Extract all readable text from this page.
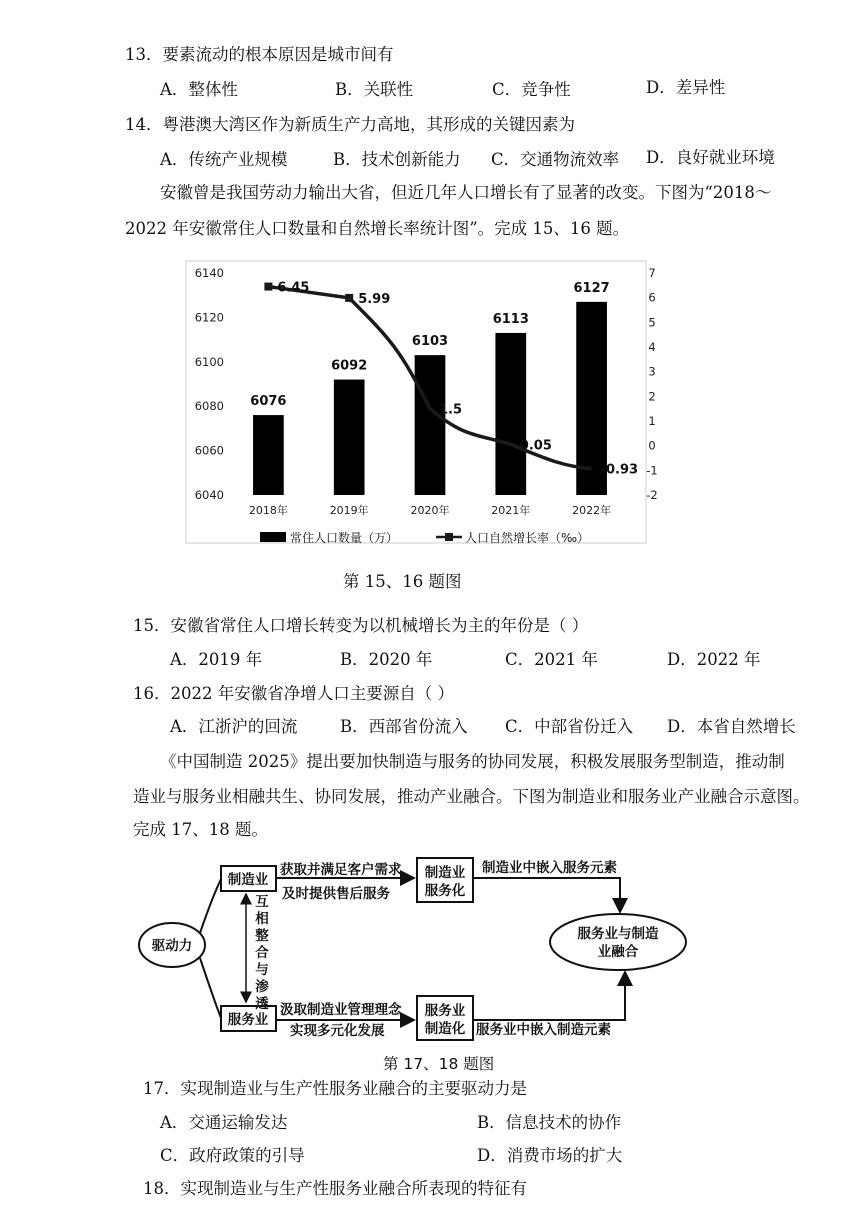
13．要素流动的根本原因是城市间有
A．整体性	B．关联性	C．竞争性	D．差异性
14．粤港澳大湾区作为新质生产力高地，其形成的关键因素为
A．传统产业规模	B．技术创新能力 C．交通物流效率 D．良好就业环境
安徽曾是我国劳动力输出大省，但近几年人口增长有了显著的改变。下图为“2018～
2022 年安徽常住人口数量和自然增长率统计图”。完成 15、16 题。
6040
6060
6080
6100
6120
6140
-2
-1
0
1
2
3
4
5
6
7
2018年	2019年	2020年	2021年	2022年
6076
6092
6103
6113
6127
6.45
5.99
1.5
0.05
-0.93
常住人口数量（万）	人口自然增长率（‰）
第 15、16 题图
15．安徽省常住人口增长转变为以机械增长为主的年份是（ ）
A．2019 年	B．2020 年	C．2021 年	D．2022 年
16．2022 年安徽省净增人口主要源自（ ）
A．江浙沪的回流	B．西部省份流入 C．中部省份迁入 D．本省自然增长
《中国制造 2025》提出要加快制造与服务的协同发展，积极发展服务型制造，推动制
造业与服务业相融共生、协同发展，推动产业融合。下图为制造业和服务业产业融合示意图。
完成 17、18 题。
驱动力
制造业
服务业
互
相
整
合
与
渗
透
获取并满足客户需求
及时提供售后服务
汲取制造业管理理念
实现多元化发展
制造业
服务化
服务业
制造化
制造业中嵌入服务元素
服务业中嵌入制造元素
服务业与制造
业融合
第 17、18 题图
17．实现制造业与生产性服务业融合的主要驱动力是
A．交通运输发达	B．信息技术的协作
C．政府政策的引导	D．消费市场的扩大
18．实现制造业与生产性服务业融合所表现的特征有
